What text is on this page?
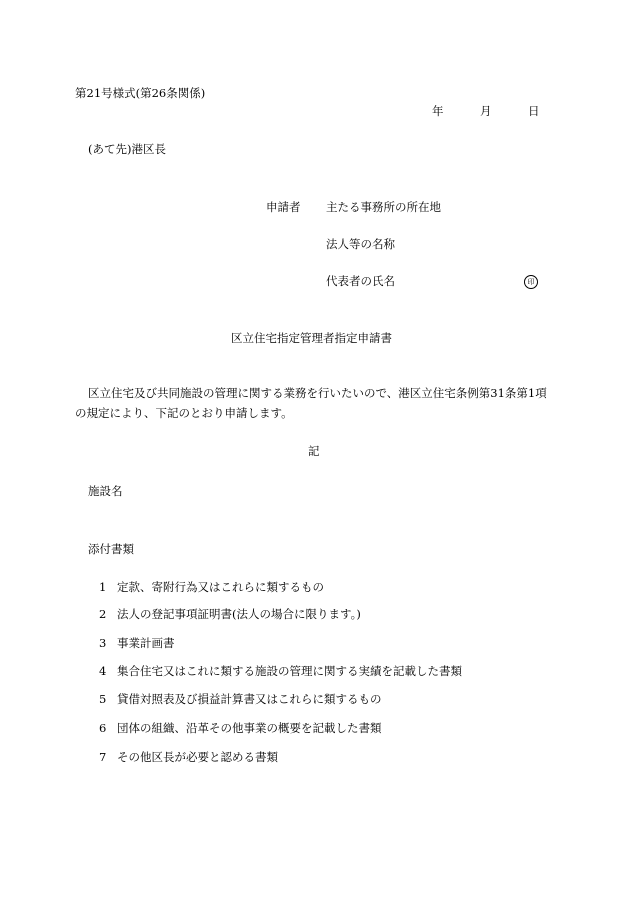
第21号様式(第26条関係)
年	月	日
(あて先)港区長
申請者 主たる事務所の所在地
法人等の名称
代表者の氏名	印
区立住宅指定管理者指定申請書
区立住宅及び共同施設の管理に関する業務を行いたいので、港区立住宅条例第31条第1項の規定により、下記のとおり申請します。
記
施設名
添付書類
1 定款、寄附行為又はこれらに類するもの
2 法人の登記事項証明書(法人の場合に限ります。)
3 事業計画書
4 集合住宅又はこれに類する施設の管理に関する実績を記載した書類
5 貸借対照表及び損益計算書又はこれらに類するもの
6 団体の組織、沿革その他事業の概要を記載した書類
7 その他区長が必要と認める書類
